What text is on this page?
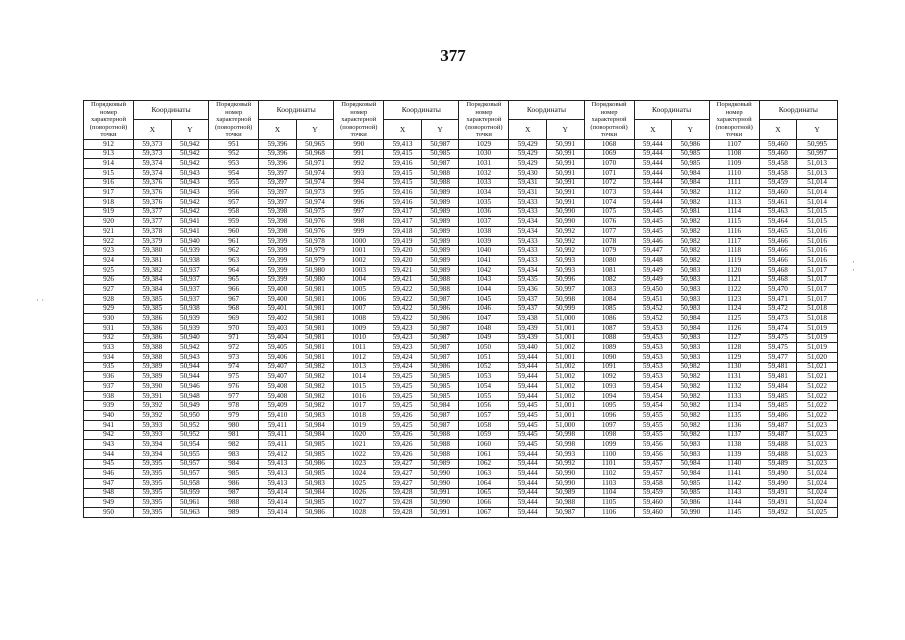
377
Порядковый номер характерной (поворотной) точки	Координаты		Порядковый номер характерной (поворотной) точки	Координаты		Порядковый номер характерной (поворотной) точки	Координаты		Порядковый номер характерной (поворотной) точки	Координаты		Порядковый номер характерной (поворотной) точки	Координаты		Порядковый номер характерной (поворотной) точки	Координаты	
	X	Y		X	Y		X	Y		X	Y		X	Y		X	Y
912	59,373	50,942	951	59,396	50,965	990	59,413	50,987	1029	59,429	50,991	1068	59,444	50,986	1107	59,460	50,995
913	59,373	50,942	952	59,396	50,968	991	59,415	50,985	1030	59,429	50,991	1069	59,444	50,985	1108	59,460	50,997
914	59,374	50,942	953	59,396	50,971	992	59,416	50,987	1031	59,429	50,991	1070	59,444	50,985	1109	59,458	51,013
915	59,374	50,943	954	59,397	50,974	993	59,415	50,988	1032	59,430	50,991	1071	59,444	50,984	1110	59,458	51,013
916	59,376	50,943	955	59,397	50,974	994	59,415	50,988	1033	59,431	50,991	1072	59,444	50,984	1111	59,459	51,014
917	59,376	50,943	956	59,397	50,973	995	59,416	50,989	1034	59,431	50,991	1073	59,444	50,982	1112	59,460	51,014
918	59,376	50,942	957	59,397	50,974	996	59,416	50,989	1035	59,433	50,991	1074	59,444	50,982	1113	59,461	51,014
919	59,377	50,942	958	59,398	50,975	997	59,417	50,989	1036	59,433	50,990	1075	59,445	50,981	1114	59,463	51,015
920	59,377	50,941	959	59,398	50,976	998	59,417	50,989	1037	59,434	50,990	1076	59,445	50,982	1115	59,464	51,015
921	59,378	50,941	960	59,398	50,976	999	59,418	50,989	1038	59,434	50,992	1077	59,445	50,982	1116	59,465	51,016
922	59,379	50,940	961	59,399	50,978	1000	59,419	50,989	1039	59,433	50,992	1078	59,446	50,982	1117	59,466	51,016
923	59,380	50,939	962	59,399	50,979	1001	59,420	50,989	1040	59,433	50,992	1079	59,447	50,982	1118	59,466	51,016
924	59,381	50,938	963	59,399	50,979	1002	59,420	50,989	1041	59,433	50,993	1080	59,448	50,982	1119	59,466	51,016
925	59,382	50,937	964	59,399	50,980	1003	59,421	50,989	1042	59,434	50,993	1081	59,449	50,983	1120	59,468	51,017
926	59,384	50,937	965	59,399	50,980	1004	59,421	50,988	1043	59,435	50,996	1082	59,449	50,983	1121	59,468	51,017
927	59,384	50,937	966	59,400	50,981	1005	59,422	50,988	1044	59,436	50,997	1083	59,450	50,983	1122	59,470	51,017
928	59,385	50,937	967	59,400	50,981	1006	59,422	50,987	1045	59,437	50,998	1084	59,451	50,983	1123	59,471	51,017
929	59,385	50,938	968	59,401	50,981	1007	59,422	50,986	1046	59,437	50,999	1085	59,452	50,983	1124	59,472	51,018
930	59,386	50,939	969	59,402	50,981	1008	59,422	50,986	1047	59,438	51,000	1086	59,452	50,984	1125	59,473	51,018
931	59,386	50,939	970	59,403	50,981	1009	59,423	50,987	1048	59,439	51,001	1087	59,453	50,984	1126	59,474	51,019
932	59,386	50,940	971	59,404	50,981	1010	59,423	50,987	1049	59,439	51,001	1088	59,453	50,983	1127	59,475	51,019
933	59,388	50,942	972	59,405	50,981	1011	59,423	50,987	1050	59,440	51,002	1089	59,453	50,983	1128	59,475	51,019
934	59,388	50,943	973	59,406	50,981	1012	59,424	50,987	1051	59,444	51,001	1090	59,453	50,983	1129	59,477	51,020
935	59,389	50,944	974	59,407	50,982	1013	59,424	50,986	1052	59,444	51,002	1091	59,453	50,982	1130	59,481	51,021
936	59,389	50,944	975	59,407	50,982	1014	59,425	50,985	1053	59,444	51,002	1092	59,453	50,982	1131	59,481	51,021
937	59,390	50,946	976	59,408	50,982	1015	59,425	50,985	1054	59,444	51,002	1093	59,454	50,982	1132	59,484	51,022
938	59,391	50,948	977	59,408	50,982	1016	59,425	50,985	1055	59,444	51,002	1094	59,454	50,982	1133	59,485	51,022
939	59,392	50,949	978	59,409	50,982	1017	59,425	50,984	1056	59,445	51,001	1095	59,454	50,982	1134	59,485	51,022
940	59,392	50,950	979	59,410	50,983	1018	59,426	50,987	1057	59,445	51,001	1096	59,455	50,982	1135	59,486	51,022
941	59,393	50,952	980	59,411	50,984	1019	59,425	50,987	1058	59,445	51,000	1097	59,455	50,982	1136	59,487	51,023
942	59,393	50,952	981	59,411	50,984	1020	59,426	50,988	1059	59,445	50,998	1098	59,455	50,982	1137	59,487	51,023
943	59,394	50,954	982	59,411	50,985	1021	59,426	50,988	1060	59,445	50,998	1099	59,456	50,983	1138	59,488	51,023
944	59,394	50,955	983	59,412	50,985	1022	59,426	50,988	1061	59,444	50,993	1100	59,456	50,983	1139	59,488	51,023
945	59,395	50,957	984	59,413	50,986	1023	59,427	50,989	1062	59,444	50,992	1101	59,457	50,984	1140	59,489	51,023
946	59,395	50,957	985	59,413	50,985	1024	59,427	50,990	1063	59,444	50,990	1102	59,457	50,984	1141	59,490	51,024
947	59,395	50,958	986	59,413	50,983	1025	59,427	50,990	1064	59,444	50,990	1103	59,458	50,985	1142	59,490	51,024
948	59,395	50,959	987	59,414	50,984	1026	59,428	50,991	1065	59,444	50,989	1104	59,459	50,985	1143	59,491	51,024
949	59,395	50,961	988	59,414	50,985	1027	59,428	50,990	1066	59,444	50,988	1105	59,460	50,986	1144	59,491	51,024
950	59,395	50,963	989	59,414	50,986	1028	59,428	50,991	1067	59,444	50,987	1106	59,460	50,990	1145	59,492	51,025
·
·
· ·
